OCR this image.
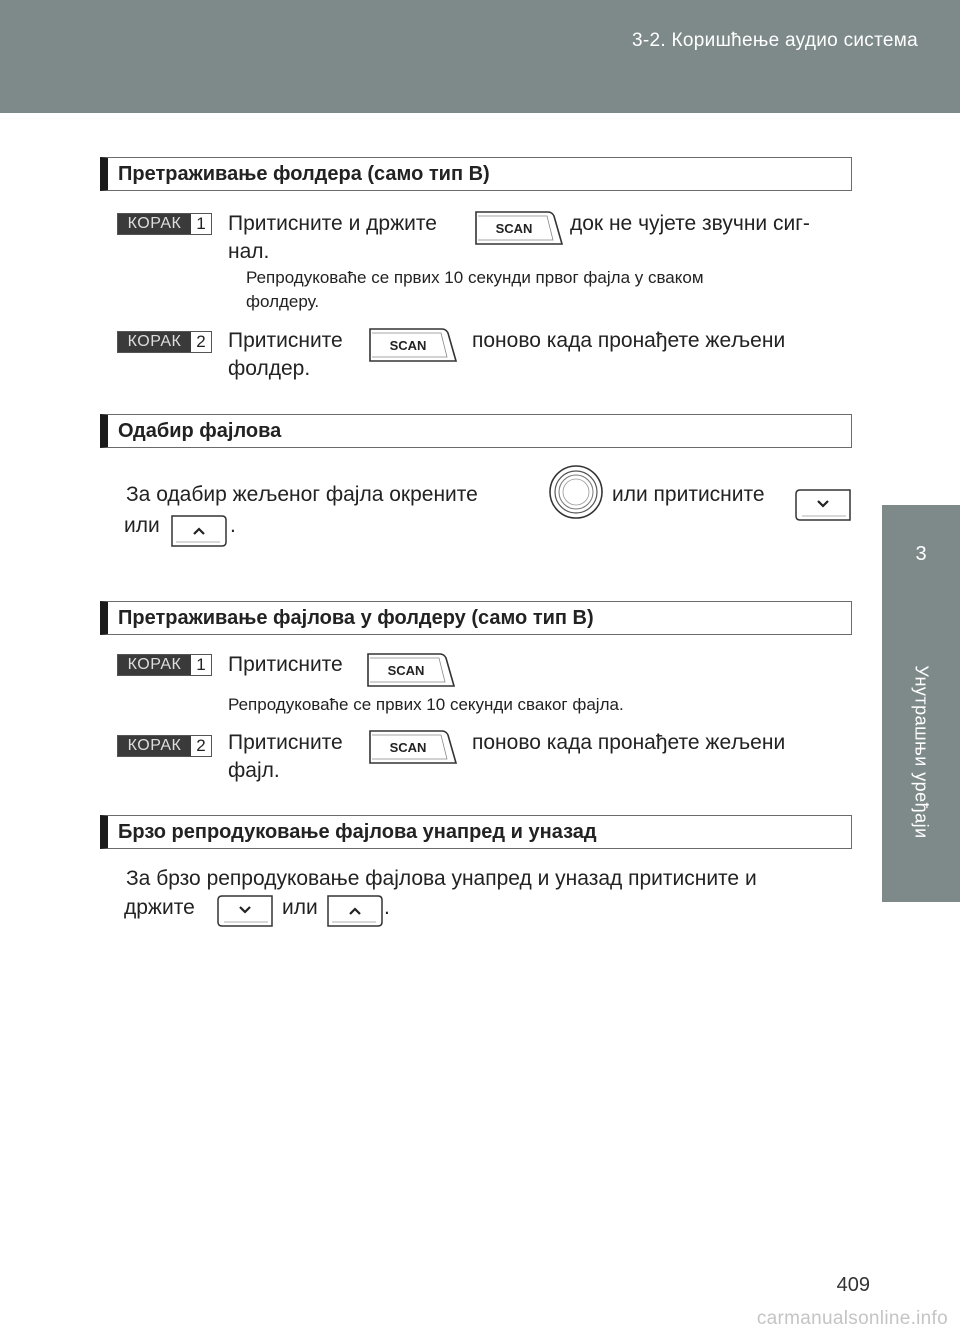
3-2. Коришћење аудио система
3
Унутрашњи уређаји
Претраживање фолдера (само тип B)
КОРАК 1 Притисните и држите	SCAN док не чујете звучни сиг-
нал.
Репродуковаће се првих 10 секунди првог фајла у сваком
фолдеру.
КОРАК 2 Притисните	SCAN поново када пронађете жељени
фолдер.
Одабир фајлова
За одабир жељеног фајла окрените	или притисните
или	.
Претраживање фајлова у фолдеру (само тип B)
КОРАК 1 Притисните	SCAN
Репродуковаће се првих 10 секунди сваког фајла.
КОРАК 2 Притисните	SCAN поново када пронађете жељени
фајл.
Брзо репродуковање фајлова унапред и уназад
За брзо репродуковање фајлова унапред и уназад притисните и
држите	или	.
409
carmanualsonline.info
